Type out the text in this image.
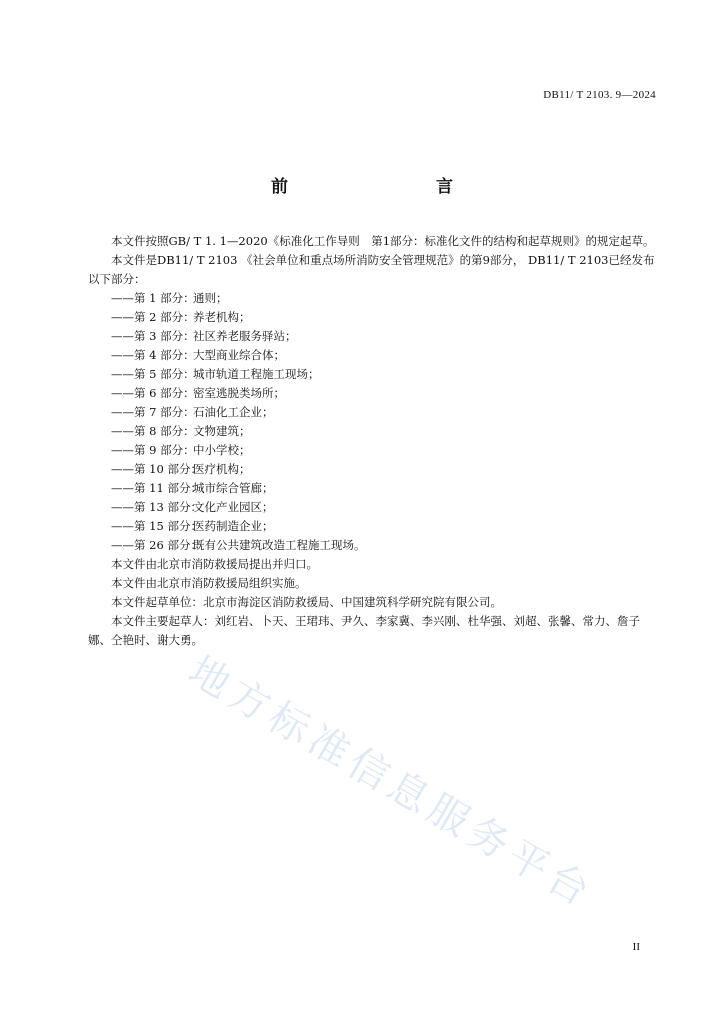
DB11/ T 2103. 9—2024
前　　言

本文件按照GB/ T 1. 1—2020《标准化工作导则　第1部分：标准化文件的结构和起草规则》的规定起草。

本文件是DB11/ T 2103 《社会单位和重点场所消防安全管理规范》的第9部分， DB11/ T 2103已经发布以下部分：

——第 1 部分：通则；
——第 2 部分：养老机构；
——第 3 部分：社区养老服务驿站；
——第 4 部分：大型商业综合体；
——第 5 部分：城市轨道工程施工现场；
——第 6 部分：密室逃脱类场所；
——第 7 部分：石油化工企业；
——第 8 部分：文物建筑；
——第 9 部分：中小学校；
——第 10 部分：医疗机构；
——第 11 部分：城市综合管廊；
——第 13 部分：文化产业园区；
——第 15 部分：医药制造企业；
——第 26 部分：既有公共建筑改造工程施工现场。

本文件由北京市消防救援局提出并归口。

本文件由北京市消防救援局组织实施。

本文件起草单位：北京市海淀区消防救援局、中国建筑科学研究院有限公司。

本文件主要起草人：刘红岩、卜天、王珺玮、尹久、李家冀、李兴刚、杜华强、刘超、张馨、常力、詹子娜、仝艳时、谢大勇。

地方标准信息服务平台
II
